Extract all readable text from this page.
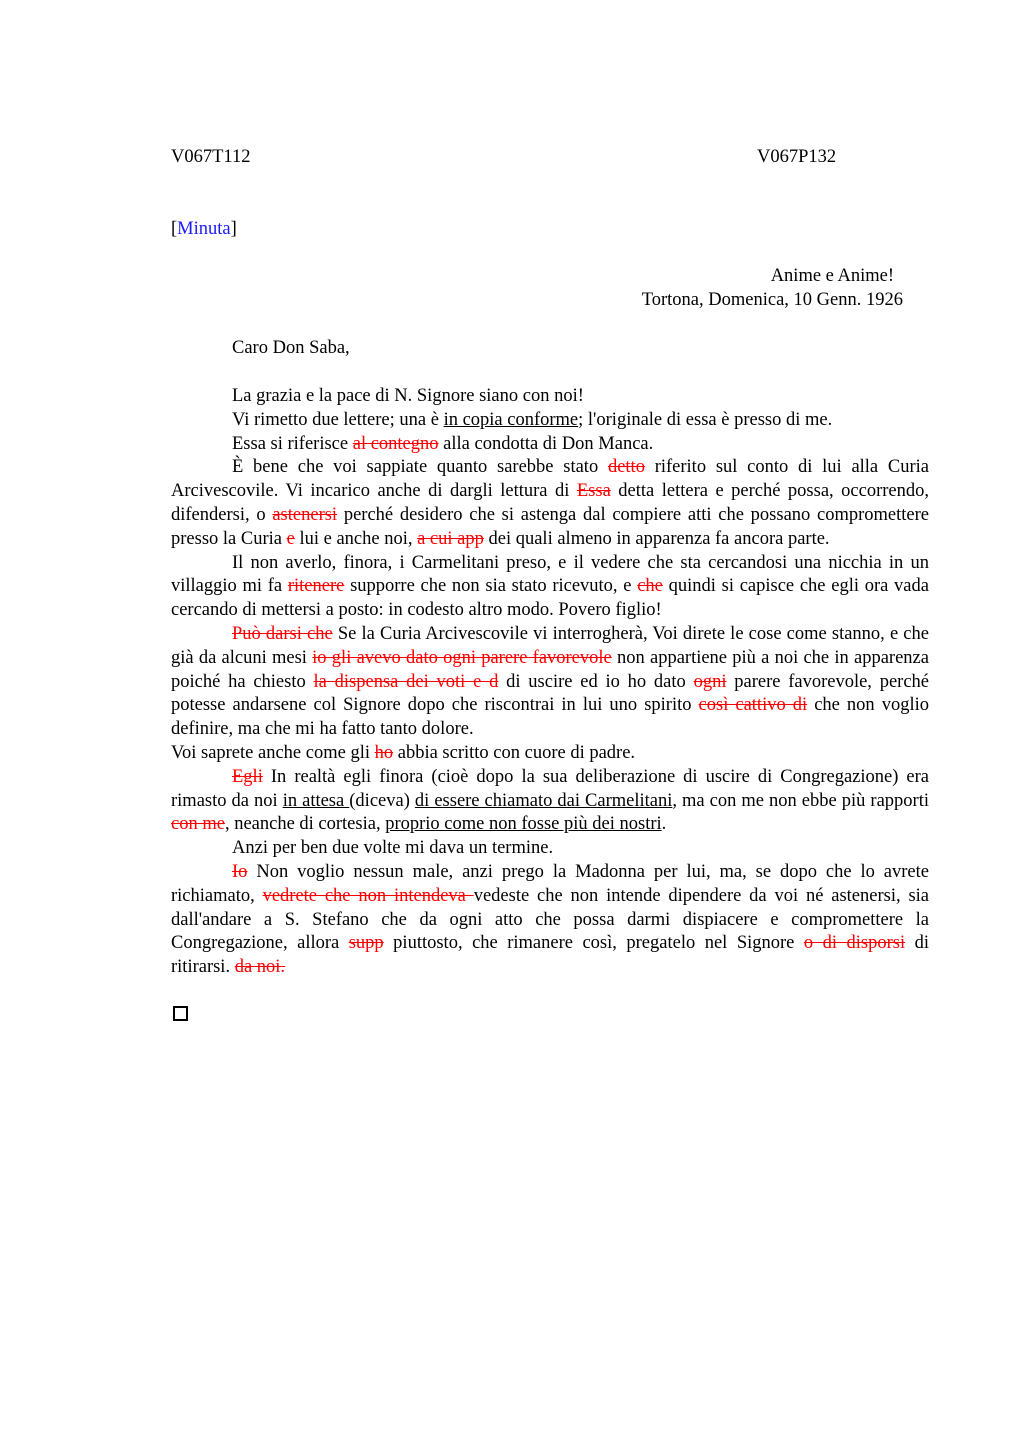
V067T112	V067P132
[Minuta]
Anime e Anime!
Tortona, Domenica, 10 Genn. 1926
Caro Don Saba,

La grazia e la pace di N. Signore siano con noi!

Vi rimetto due lettere; una è in copia conforme; l'originale di essa è presso di me.

Essa si riferisce al contegno alla condotta di Don Manca.

È bene che voi sappiate quanto sarebbe stato detto riferito sul conto di lui alla Curia Arcivescovile. Vi incarico anche di dargli lettura di Essa detta lettera e perché possa, occorrendo, difendersi, o astenersi perché desidero che si astenga dal compiere atti che possano compromettere presso la Curia e lui e anche noi, a cui app dei quali almeno in apparenza fa ancora parte.

Il non averlo, finora, i Carmelitani preso, e il vedere che sta cercandosi una nicchia in un villaggio mi fa ritenere supporre che non sia stato ricevuto, e che quindi si capisce che egli ora vada cercando di mettersi a posto: in codesto altro modo. Povero figlio!

Può darsi che Se la Curia Arcivescovile vi interrogherà, Voi direte le cose come stanno, e che già da alcuni mesi io gli avevo dato ogni parere favorevole non appartiene più a noi che in apparenza poiché ha chiesto la dispensa dei voti e d di uscire ed io ho dato ogni parere favorevole, perché potesse andarsene col Signore dopo che riscontrai in lui uno spirito così cattivo di che non voglio definire, ma che mi ha fatto tanto dolore.

Voi saprete anche come gli ho abbia scritto con cuore di padre.

Egli In realtà egli finora (cioè dopo la sua deliberazione di uscire di Congregazione) era rimasto da noi in attesa (diceva) di essere chiamato dai Carmelitani, ma con me non ebbe più rapporti con me, neanche di cortesia, proprio come non fosse più dei nostri.

Anzi per ben due volte mi dava un termine.

Io Non voglio nessun male, anzi prego la Madonna per lui, ma, se dopo che lo avrete richiamato, vedrete che non intendeva vedeste che non intende dipendere da voi né astenersi, sia dall'andare a S. Stefano che da ogni atto che possa darmi dispiacere e compromettere la Congregazione, allora supp piuttosto, che rimanere così, pregatelo nel Signore o di disporsi di ritirarsi. da noi.
